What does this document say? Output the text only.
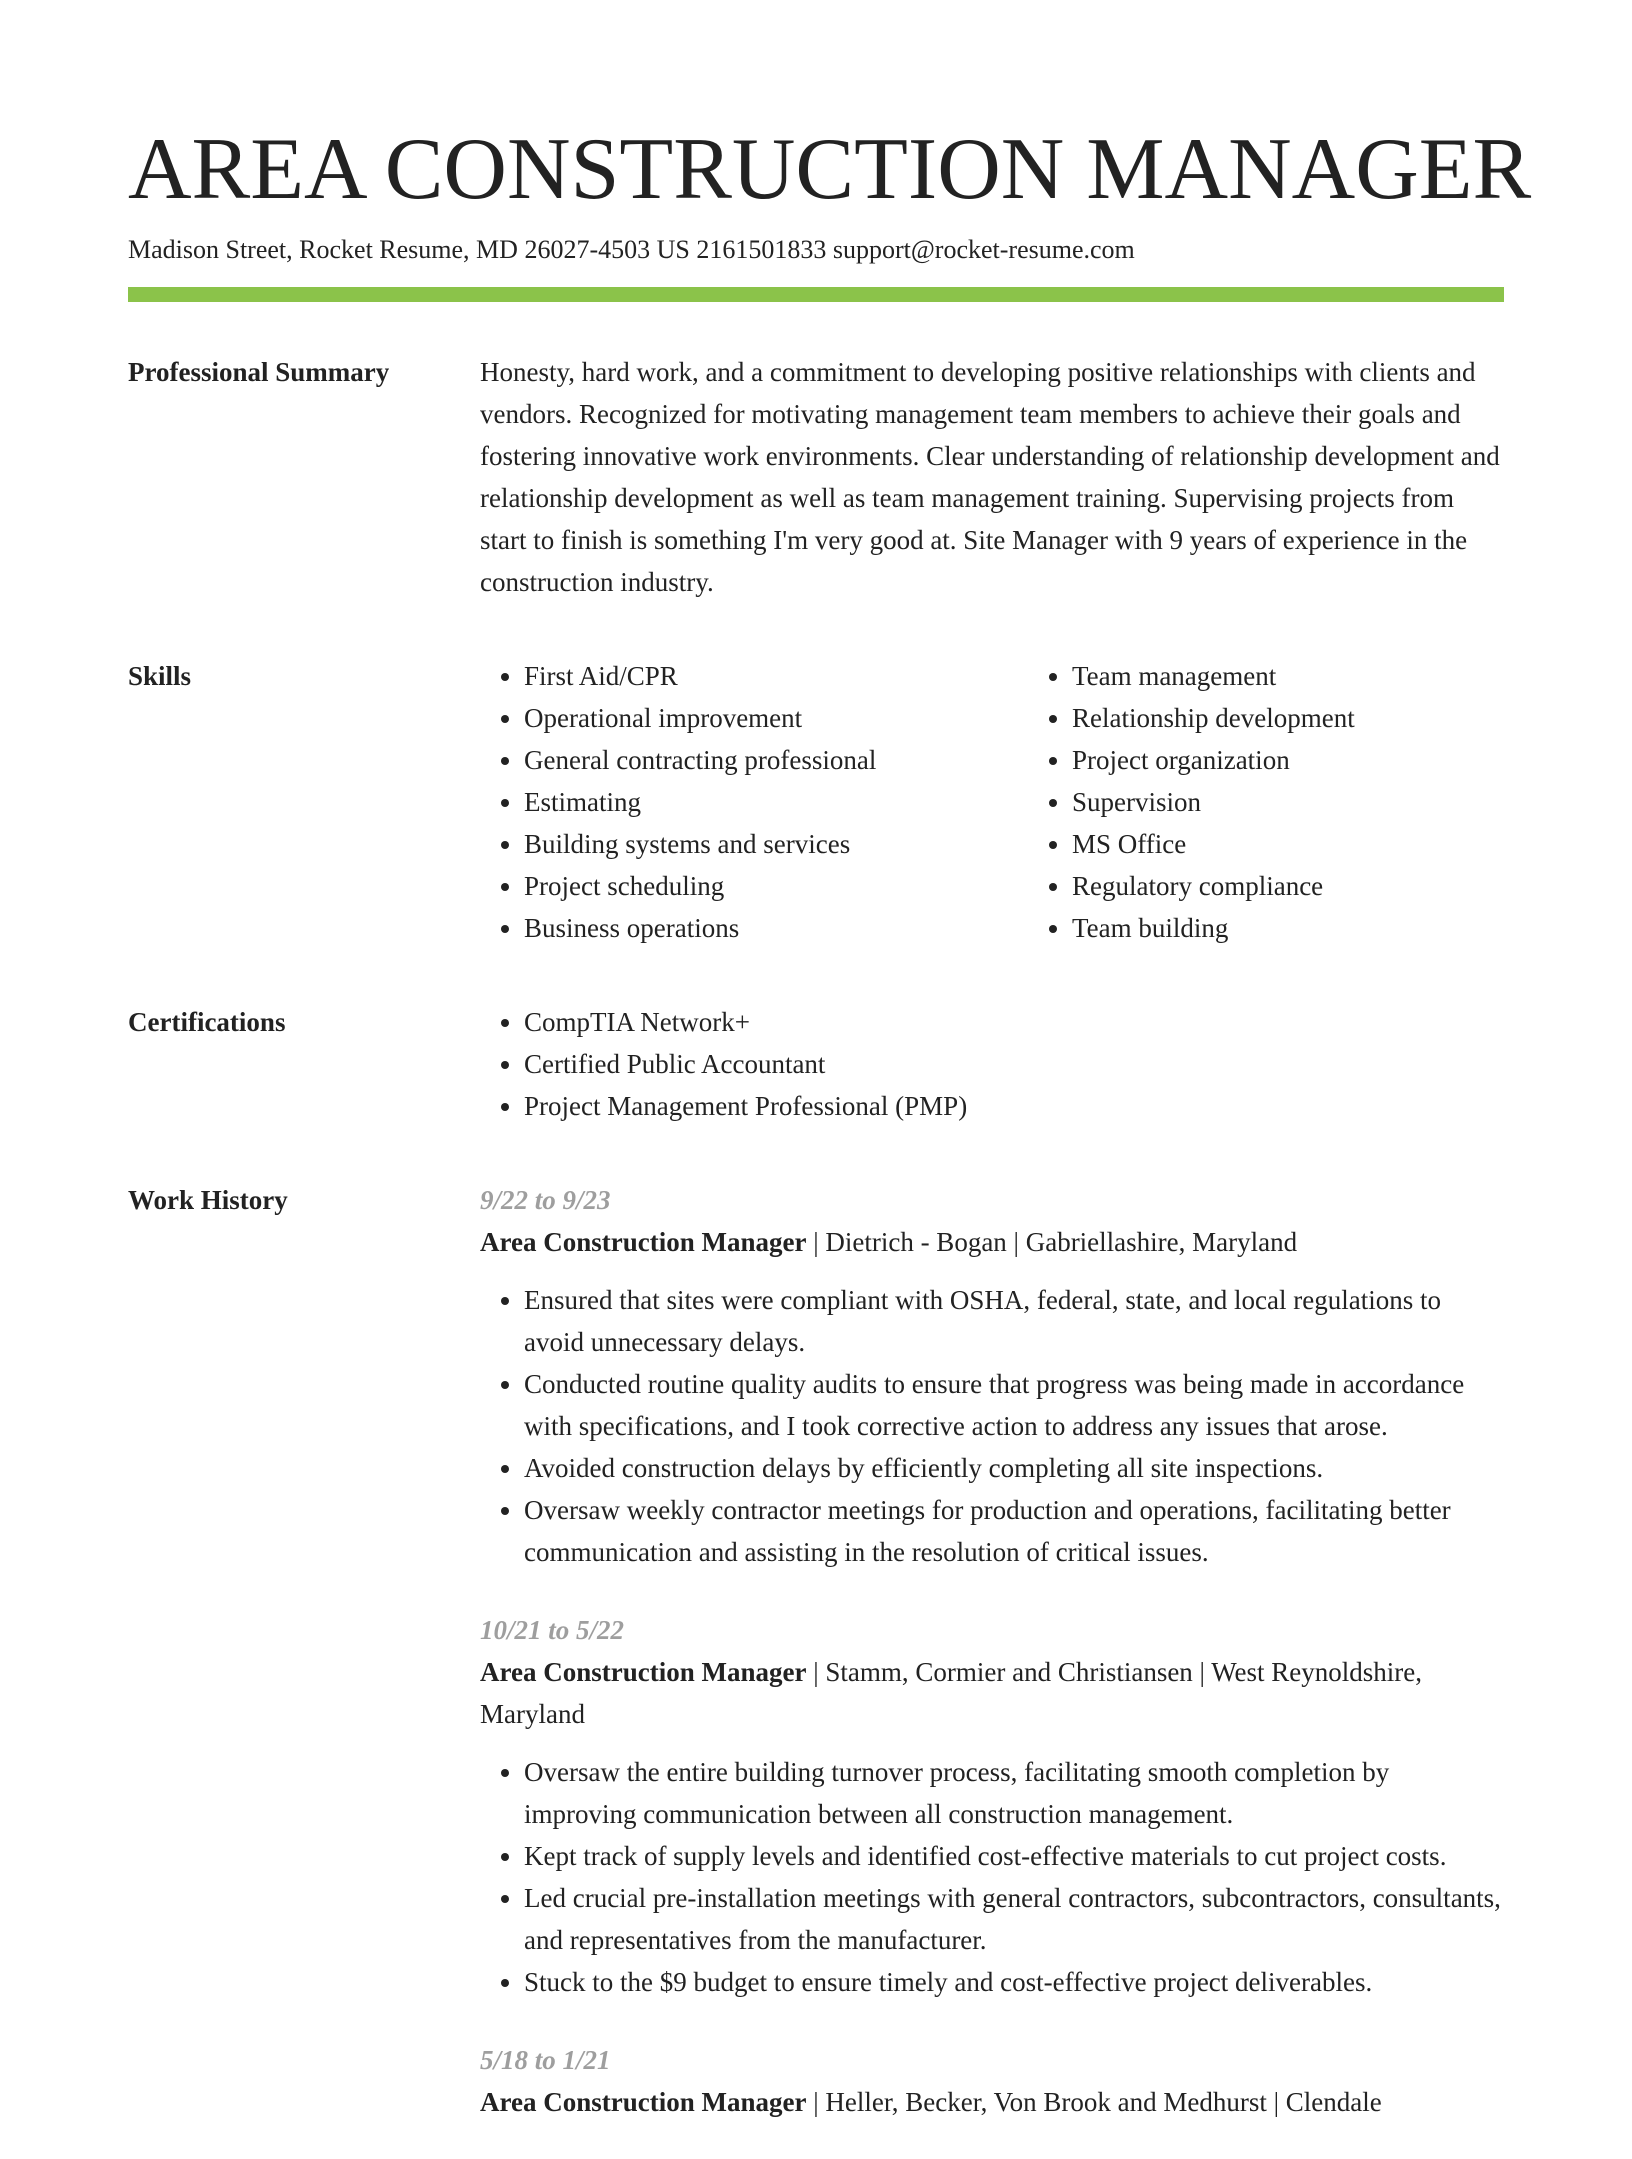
AREA CONSTRUCTION MANAGER
Madison Street, Rocket Resume, MD 26027-4503 US 2161501833 support@rocket-resume.com
Professional Summary	Honesty, hard work, and a commitment to developing positive relationships with clients and vendors. Recognized for motivating management team members to achieve their goals and fostering innovative work environments. Clear understanding of relationship development and relationship development as well as team management training. Supervising projects from start to finish is something I'm very good at. Site Manager with 9 years of experience in the construction industry.

Skills	• First Aid/CPR
• Operational improvement
• General contracting professional
• Estimating
• Building systems and services
• Project scheduling
• Business operations
• Team management
• Relationship development
• Project organization
• Supervision
• MS Office
• Regulatory compliance
• Team building
Certifications	• CompTIA Network+
• Certified Public Accountant
• Project Management Professional (PMP)
Work History	9/22 to 9/23
Area Construction Manager | Dietrich - Bogan | Gabriellashire, Maryland
• Ensured that sites were compliant with OSHA, federal, state, and local regulations to avoid unnecessary delays.
• Conducted routine quality audits to ensure that progress was being made in accordance with specifications, and I took corrective action to address any issues that arose.
• Avoided construction delays by efficiently completing all site inspections.
• Oversaw weekly contractor meetings for production and operations, facilitating better communication and assisting in the resolution of critical issues.
10/21 to 5/22
Area Construction Manager | Stamm, Cormier and Christiansen | West Reynoldshire, Maryland
• Oversaw the entire building turnover process, facilitating smooth completion by improving communication between all construction management.
• Kept track of supply levels and identified cost-effective materials to cut project costs.
• Led crucial pre-installation meetings with general contractors, subcontractors, consultants, and representatives from the manufacturer.
• Stuck to the $9 budget to ensure timely and cost-effective project deliverables.
5/18 to 1/21
Area Construction Manager | Heller, Becker, Von Brook and Medhurst | Clendale
